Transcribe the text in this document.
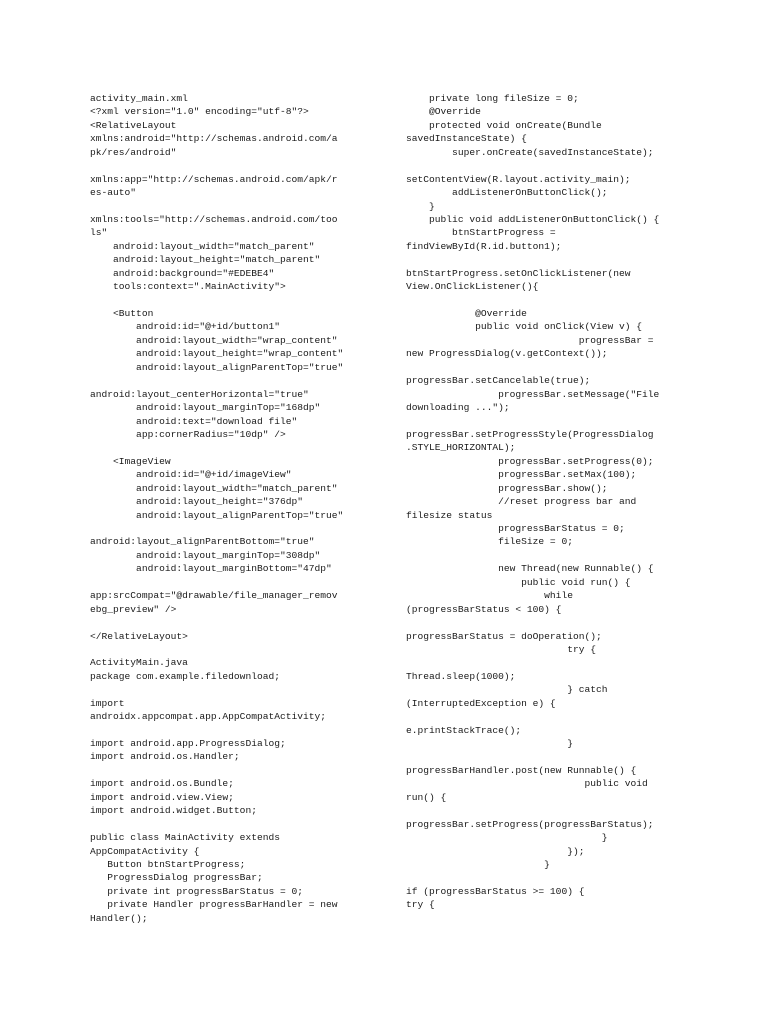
activity_main.xml
<?xml version="1.0" encoding="utf-8"?>
<RelativeLayout
xmlns:android="http://schemas.android.com/a
pk/res/android"
xmlns:app="http://schemas.android.com/apk/r
es-auto"
xmlns:tools="http://schemas.android.com/too
ls"
android:layout_width="match_parent"
android:layout_height="match_parent"
android:background="#EDEBE4"
tools:context=".MainActivity">
<Button
android:id="@+id/button1"
android:layout_width="wrap_content"
android:layout_height="wrap_content"
android:layout_alignParentTop="true"
android:layout_centerHorizontal="true"
android:layout_marginTop="168dp"
android:text="download file"
app:cornerRadius="10dp" />
<ImageView
android:id="@+id/imageView"
android:layout_width="match_parent"
android:layout_height="376dp"
android:layout_alignParentTop="true"
android:layout_alignParentBottom="true"
android:layout_marginTop="308dp"
android:layout_marginBottom="47dp"
app:srcCompat="@drawable/file_manager_remov
ebg_preview" />
</RelativeLayout>
ActivityMain.java
package com.example.filedownload;
import
androidx.appcompat.app.AppCompatActivity;
import android.app.ProgressDialog;
import android.os.Handler;
import android.os.Bundle;
import android.view.View;
import android.widget.Button;
public class MainActivity extends
AppCompatActivity {
Button btnStartProgress;
ProgressDialog progressBar;
private int progressBarStatus = 0;
private Handler progressBarHandler = new
Handler();
private long fileSize = 0;
@Override
protected void onCreate(Bundle
savedInstanceState) {
super.onCreate(savedInstanceState);
setContentView(R.layout.activity_main);
addListenerOnButtonClick();
}
public void addListenerOnButtonClick() {
btnStartProgress =
findViewById(R.id.button1);
btnStartProgress.setOnClickListener(new
View.OnClickListener(){
@Override
public void onClick(View v) {
progressBar =
new ProgressDialog(v.getContext());
progressBar.setCancelable(true);
progressBar.setMessage("File
downloading ...");
progressBar.setProgressStyle(ProgressDialog
.STYLE_HORIZONTAL);
progressBar.setProgress(0);
progressBar.setMax(100);
progressBar.show();
//reset progress bar and
filesize status
progressBarStatus = 0;
fileSize = 0;
new Thread(new Runnable() {
public void run() {
while
(progressBarStatus < 100) {
progressBarStatus = doOperation();
try {
Thread.sleep(1000);
} catch
(InterruptedException e) {
e.printStackTrace();
}
progressBarHandler.post(new Runnable() {
public void
run() {
progressBar.setProgress(progressBarStatus);
}
});
}
if (progressBarStatus >= 100) {
try {
